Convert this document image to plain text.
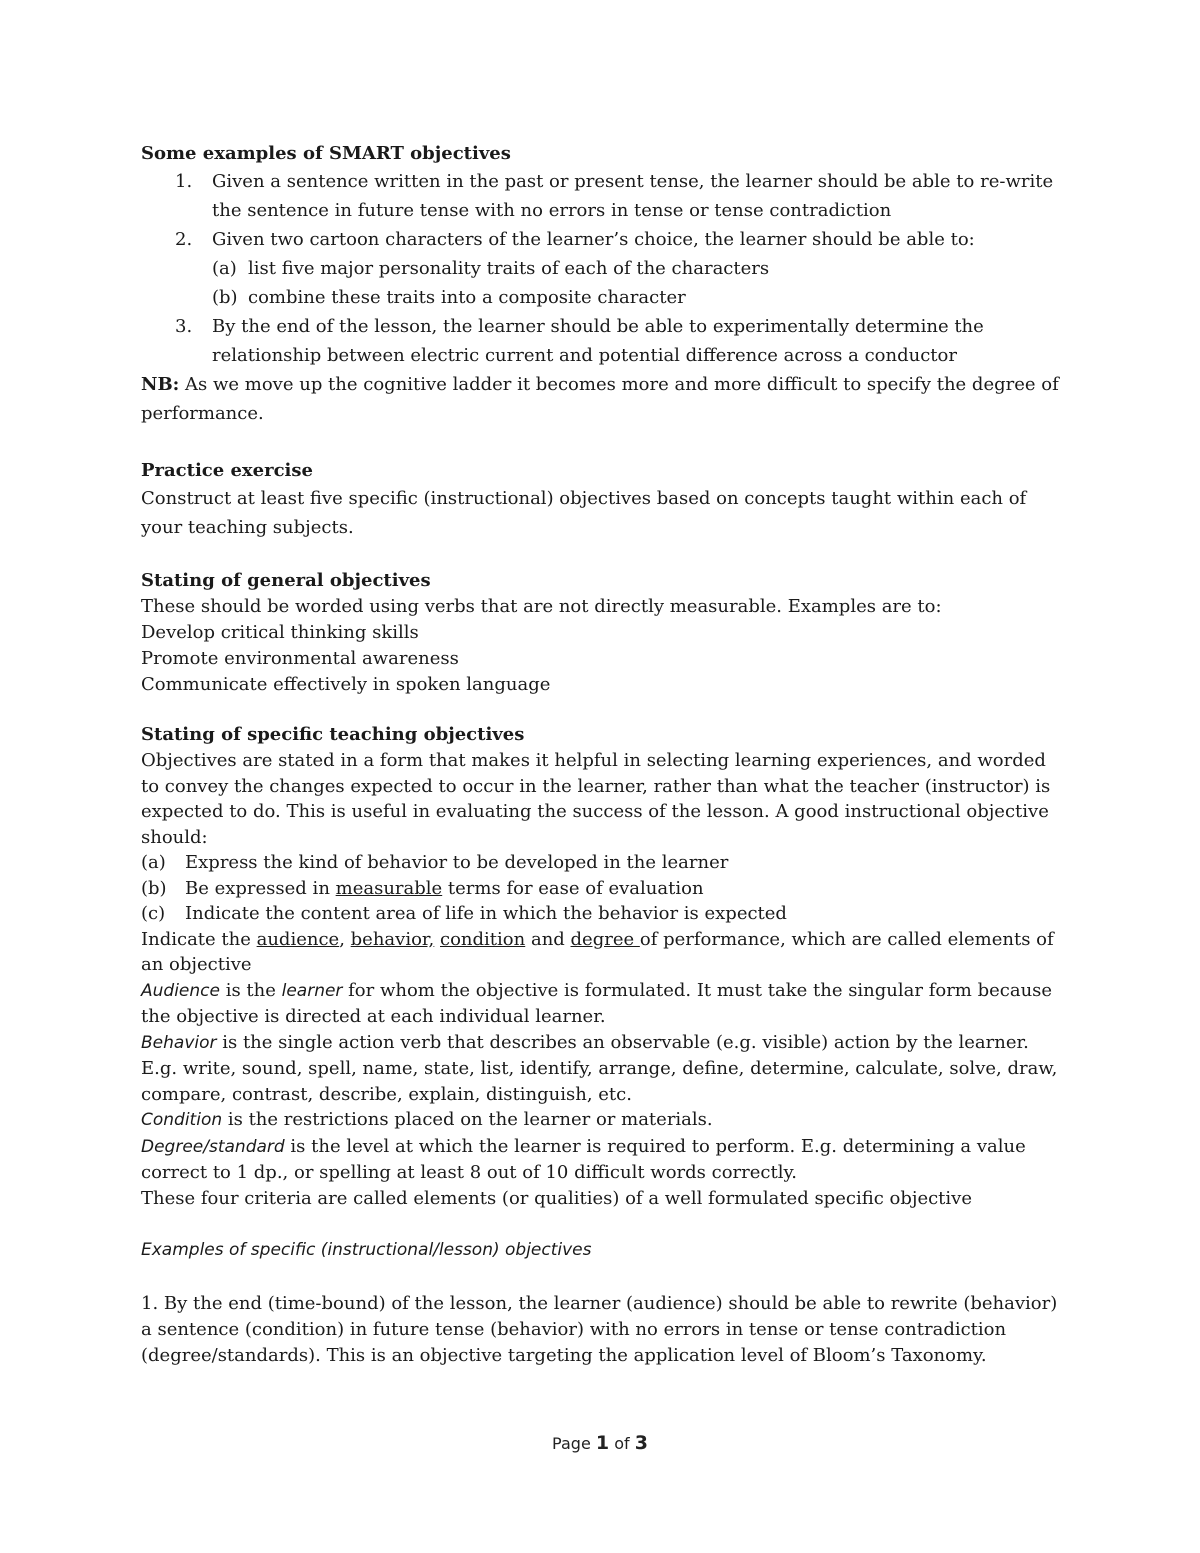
Some examples of SMART objectives

1. Given a sentence written in the past or present tense, the learner should be able to re-write the sentence in future tense with no errors in tense or tense contradiction
2. Given two cartoon characters of the learner’s choice, the learner should be able to:
(a) list five major personality traits of each of the characters
(b) combine these traits into a composite character
3. By the end of the lesson, the learner should be able to experimentally determine the relationship between electric current and potential difference across a conductor

NB: As we move up the cognitive ladder it becomes more and more difficult to specify the degree of performance.

Practice exercise

Construct at least five specific (instructional) objectives based on concepts taught within each of your teaching subjects.

Stating of general objectives

These should be worded using verbs that are not directly measurable. Examples are to:

Develop critical thinking skills

Promote environmental awareness

Communicate effectively in spoken language

Stating of specific teaching objectives

Objectives are stated in a form that makes it helpful in selecting learning experiences, and worded to convey the changes expected to occur in the learner, rather than what the teacher (instructor) is expected to do. This is useful in evaluating the success of the lesson. A good instructional objective should:

(a) Express the kind of behavior to be developed in the learner
(b) Be expressed in measurable terms for ease of evaluation
(c) Indicate the content area of life in which the behavior is expected

Indicate the audience, behavior, condition and degree of performance, which are called elements of an objective

Audience is the learner for whom the objective is formulated. It must take the singular form because the objective is directed at each individual learner.

Behavior is the single action verb that describes an observable (e.g. visible) action by the learner. E.g. write, sound, spell, name, state, list, identify, arrange, define, determine, calculate, solve, draw, compare, contrast, describe, explain, distinguish, etc.

Condition is the restrictions placed on the learner or materials.

Degree/standard is the level at which the learner is required to perform. E.g. determining a value correct to 1 dp., or spelling at least 8 out of 10 difficult words correctly.

These four criteria are called elements (or qualities) of a well formulated specific objective

Examples of specific (instructional/lesson) objectives

1. By the end (time-bound) of the lesson, the learner (audience) should be able to rewrite (behavior) a sentence (condition) in future tense (behavior) with no errors in tense or tense contradiction (degree/standards). This is an objective targeting the application level of Bloom’s Taxonomy.

Page 1 of 3
